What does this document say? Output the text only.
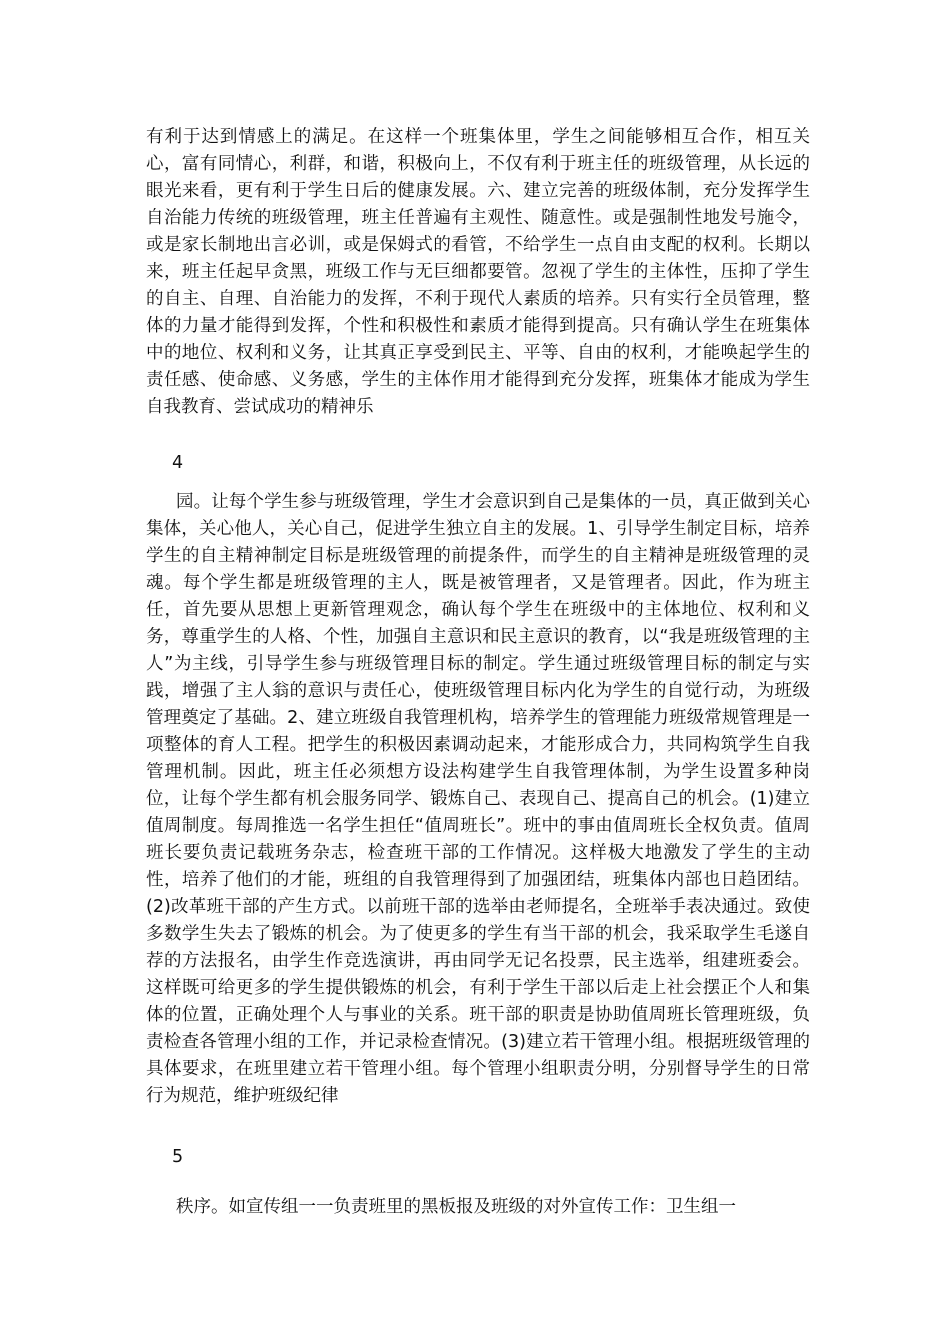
有利于达到情感上的满足。在这样一个班集体里，学生之间能够相互合作，相互关心，富有同情心，利群，和谐，积极向上，不仅有利于班主任的班级管理，从长远的眼光来看，更有利于学生日后的健康发展。六、建立完善的班级体制，充分发挥学生自治能力传统的班级管理，班主任普遍有主观性、随意性。或是强制性地发号施令，或是家长制地出言必训，或是保姆式的看管，不给学生一点自由支配的权利。长期以来，班主任起早贪黑，班级工作与无巨细都要管。忽视了学生的主体性，压抑了学生的自主、自理、自治能力的发挥，不利于现代人素质的培养。只有实行全员管理，整体的力量才能得到发挥，个性和积极性和素质才能得到提高。只有确认学生在班集体中的地位、权利和义务，让其真正享受到民主、平等、自由的权利，才能唤起学生的责任感、使命感、义务感，学生的主体作用才能得到充分发挥，班集体才能成为学生自我教育、尝试成功的精神乐

4

园。让每个学生参与班级管理，学生才会意识到自己是集体的一员，真正做到关心集体，关心他人，关心自己，促进学生独立自主的发展。1、引导学生制定目标，培养学生的自主精神制定目标是班级管理的前提条件，而学生的自主精神是班级管理的灵魂。每个学生都是班级管理的主人，既是被管理者，又是管理者。因此，作为班主任，首先要从思想上更新管理观念，确认每个学生在班级中的主体地位、权利和义务，尊重学生的人格、个性，加强自主意识和民主意识的教育，以“我是班级管理的主人”为主线，引导学生参与班级管理目标的制定。学生通过班级管理目标的制定与实践，增强了主人翁的意识与责任心，使班级管理目标内化为学生的自觉行动，为班级管理奠定了基础。2、建立班级自我管理机构，培养学生的管理能力班级常规管理是一项整体的育人工程。把学生的积极因素调动起来，才能形成合力，共同构筑学生自我管理机制。因此，班主任必须想方设法构建学生自我管理体制，为学生设置多种岗位，让每个学生都有机会服务同学、锻炼自己、表现自己、提高自己的机会。(1)建立值周制度。每周推选一名学生担任“值周班长”。班中的事由值周班长全权负责。值周班长要负责记载班务杂志，检查班干部的工作情况。这样极大地激发了学生的主动性，培养了他们的才能，班组的自我管理得到了加强团结，班集体内部也日趋团结。(2)改革班干部的产生方式。以前班干部的选举由老师提名，全班举手表决通过。致使多数学生失去了锻炼的机会。为了使更多的学生有当干部的机会，我采取学生毛遂自荐的方法报名，由学生作竞选演讲，再由同学无记名投票，民主选举，组建班委会。这样既可给更多的学生提供锻炼的机会，有利于学生干部以后走上社会摆正个人和集体的位置，正确处理个人与事业的关系。班干部的职责是协助值周班长管理班级，负责检查各管理小组的工作，并记录检查情况。(3)建立若干管理小组。根据班级管理的具体要求，在班里建立若干管理小组。每个管理小组职责分明，分别督导学生的日常行为规范，维护班级纪律

5

秩序。如宣传组一一负责班里的黑板报及班级的对外宣传工作：卫生组一
